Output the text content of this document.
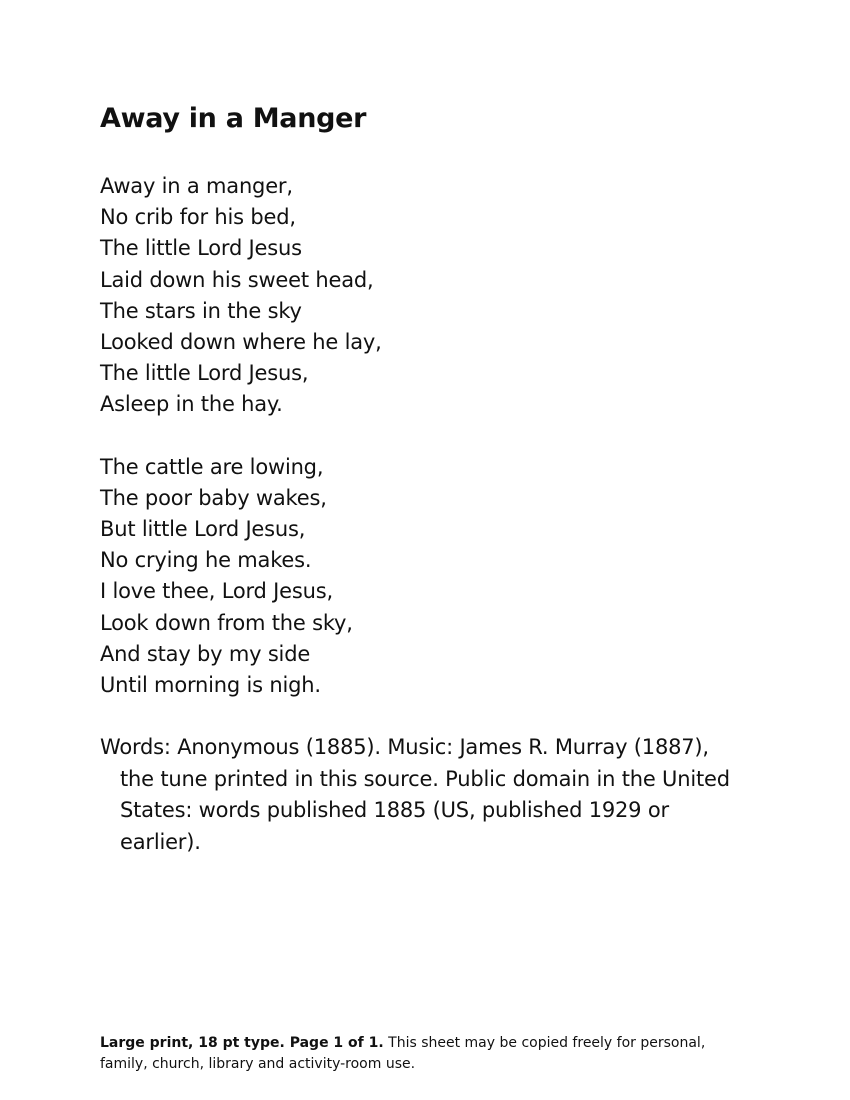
Away in a Manger
Away in a manger,
No crib for his bed,
The little Lord Jesus
Laid down his sweet head,
The stars in the sky
Looked down where he lay,
The little Lord Jesus,
Asleep in the hay.
The cattle are lowing,
The poor baby wakes,
But little Lord Jesus,
No crying he makes.
I love thee, Lord Jesus,
Look down from the sky,
And stay by my side
Until morning is nigh.

Words: Anonymous (1885). Music: James R. Murray (1887), the tune printed in this source. Public domain in the United States: words published 1885 (US, published 1929 or earlier).

Large print, 18 pt type. Page 1 of 1. This sheet may be copied freely for personal, family, church, library and activity-room use.
